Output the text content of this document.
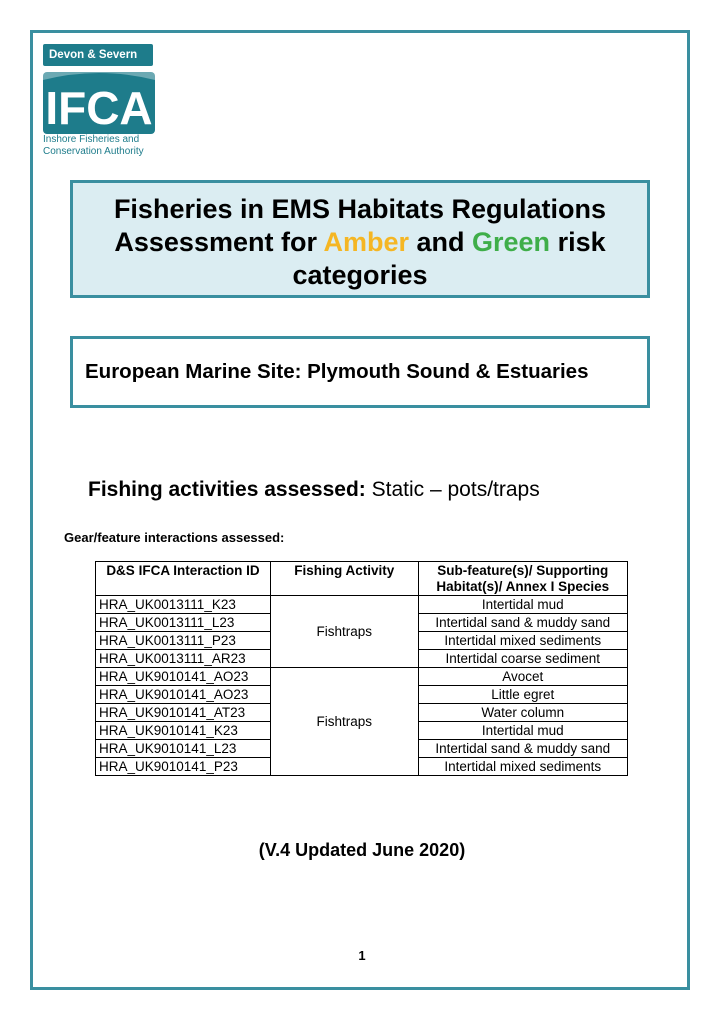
Devon & Severn
IFCA
Inshore Fisheries and
Conservation Authority
Fisheries in EMS Habitats Regulations Assessment for Amber and Green risk categories
European Marine Site: Plymouth Sound & Estuaries
Fishing activities assessed: Static – pots/traps
Gear/feature interactions assessed:
D&S IFCA Interaction ID	Fishing Activity	Sub-feature(s)/ Supporting Habitat(s)/ Annex I Species
HRA_UK0013111_K23	Fishtraps	Intertidal mud
HRA_UK0013111_L23		Intertidal sand & muddy sand
HRA_UK0013111_P23		Intertidal mixed sediments
HRA_UK0013111_AR23		Intertidal coarse sediment
HRA_UK9010141_AO23	Fishtraps	Avocet
HRA_UK9010141_AO23		Little egret
HRA_UK9010141_AT23		Water column
HRA_UK9010141_K23		Intertidal mud
HRA_UK9010141_L23		Intertidal sand & muddy sand
HRA_UK9010141_P23		Intertidal mixed sediments
(V.4 Updated June 2020)
1
